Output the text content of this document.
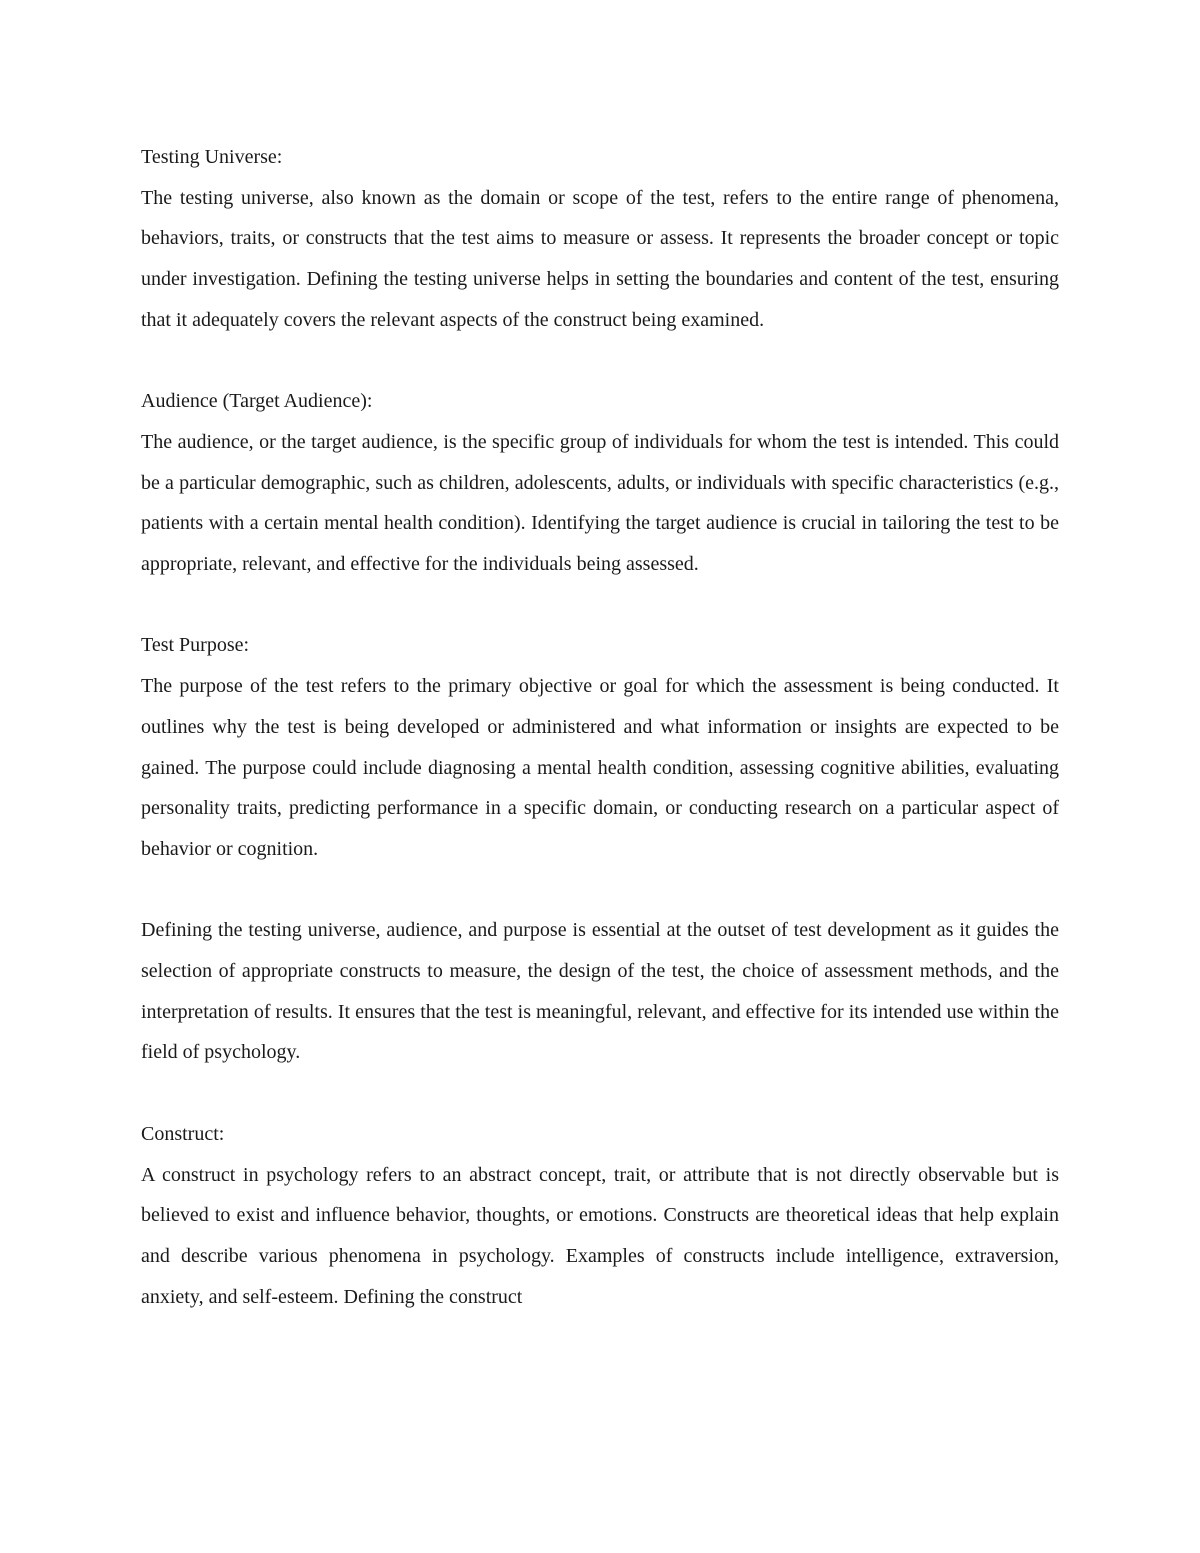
Testing Universe:

The testing universe, also known as the domain or scope of the test, refers to the entire range of phenomena, behaviors, traits, or constructs that the test aims to measure or assess. It represents the broader concept or topic under investigation. Defining the testing universe helps in setting the boundaries and content of the test, ensuring that it adequately covers the relevant aspects of the construct being examined.

Audience (Target Audience):

The audience, or the target audience, is the specific group of individuals for whom the test is intended. This could be a particular demographic, such as children, adolescents, adults, or individuals with specific characteristics (e.g., patients with a certain mental health condition). Identifying the target audience is crucial in tailoring the test to be appropriate, relevant, and effective for the individuals being assessed.

Test Purpose:

The purpose of the test refers to the primary objective or goal for which the assessment is being conducted. It outlines why the test is being developed or administered and what information or insights are expected to be gained. The purpose could include diagnosing a mental health condition, assessing cognitive abilities, evaluating personality traits, predicting performance in a specific domain, or conducting research on a particular aspect of behavior or cognition.

Defining the testing universe, audience, and purpose is essential at the outset of test development as it guides the selection of appropriate constructs to measure, the design of the test, the choice of assessment methods, and the interpretation of results. It ensures that the test is meaningful, relevant, and effective for its intended use within the field of psychology.

Construct:

A construct in psychology refers to an abstract concept, trait, or attribute that is not directly observable but is believed to exist and influence behavior, thoughts, or emotions. Constructs are theoretical ideas that help explain and describe various phenomena in psychology. Examples of constructs include intelligence, extraversion, anxiety, and self-esteem. Defining the construct
